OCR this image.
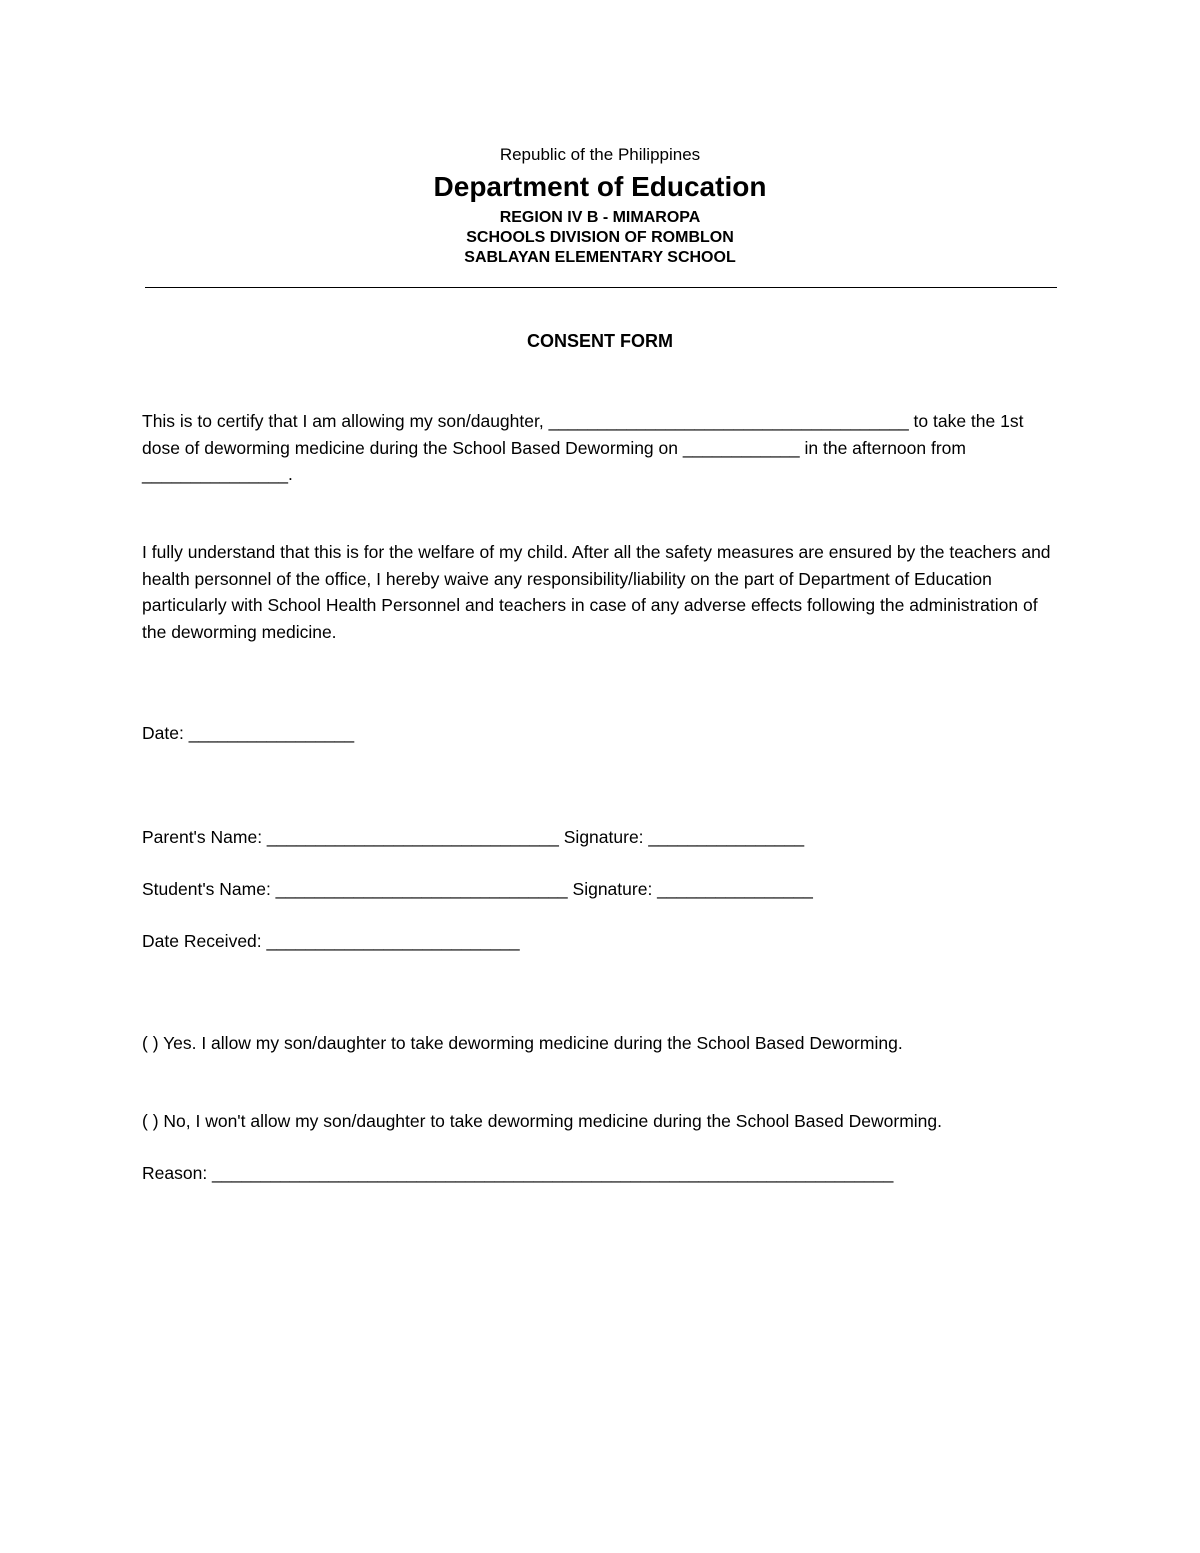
Republic of the Philippines
Department of Education
REGION IV B - MIMAROPA
SCHOOLS DIVISION OF ROMBLON
SABLAYAN ELEMENTARY SCHOOL
CONSENT FORM
This is to certify that I am allowing my son/daughter, _____________________________________ to take the 1st dose of deworming medicine during the School Based Deworming on ____________ in the afternoon from _______________.
I fully understand that this is for the welfare of my child. After all the safety measures are ensured by the teachers and health personnel of the office, I hereby waive any responsibility/liability on the part of Department of Education particularly with School Health Personnel and teachers in case of any adverse effects following the administration of the deworming medicine.
Date: _________________
Parent's Name: ______________________________ Signature: ________________
Student's Name: ______________________________ Signature: ________________
Date Received: __________________________
( ) Yes. I allow my son/daughter to take deworming medicine during the School Based Deworming.
( ) No, I won't allow my son/daughter to take deworming medicine during the School Based Deworming.
Reason: ______________________________________________________________________
